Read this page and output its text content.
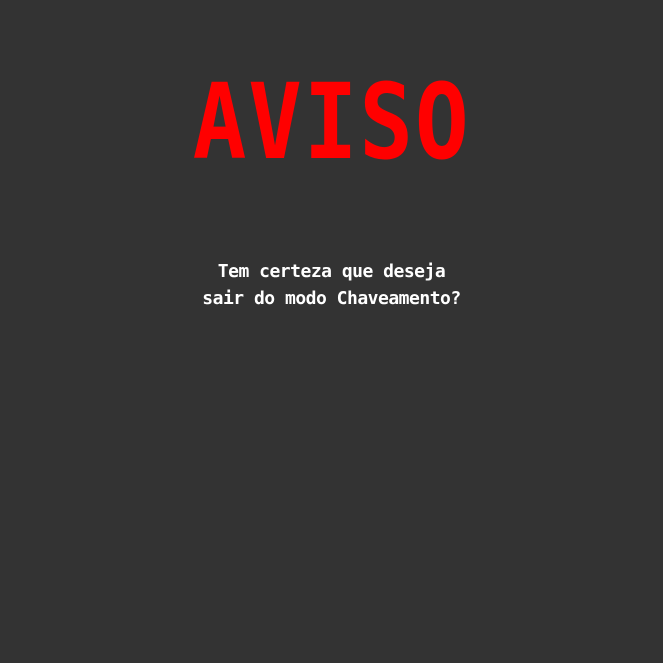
AVISO
Tem certeza que deseja
sair do modo Chaveamento?
